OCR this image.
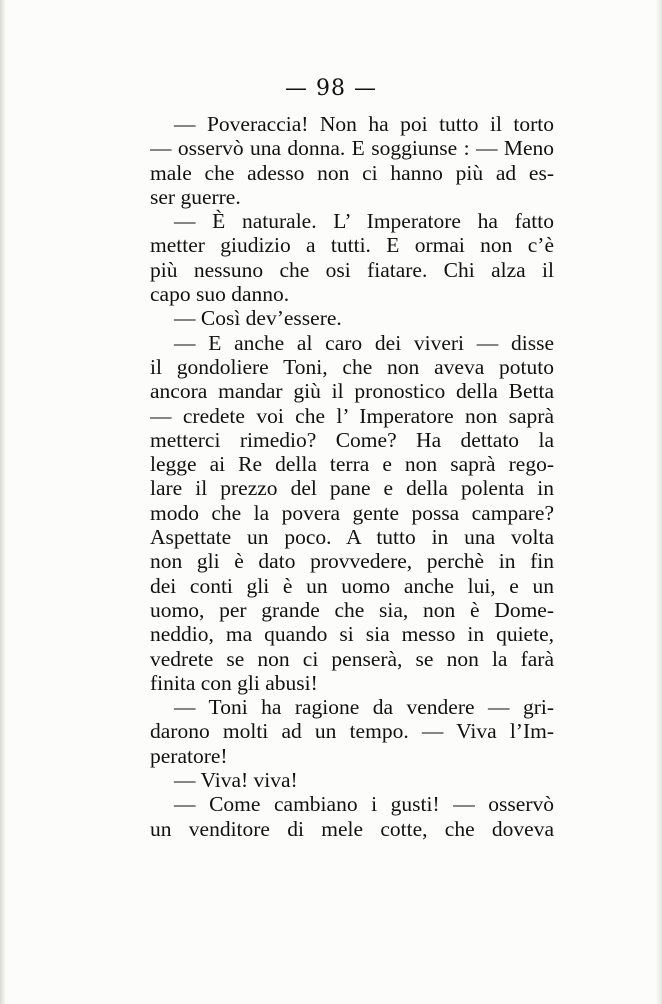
— 98 —
— Poveraccia! Non ha poi tutto il torto
— osservò una donna. E soggiunse : — Meno
male che adesso non ci hanno più ad es-
ser guerre.
— È naturale. L’ Imperatore ha fatto
metter giudizio a tutti. E ormai non c’è
più nessuno che osi fiatare. Chi alza il
capo suo danno.
— Così dev’essere.
— E anche al caro dei viveri — disse
il gondoliere Toni, che non aveva potuto
ancora mandar giù il pronostico della Betta
— credete voi che l’ Imperatore non saprà
metterci rimedio? Come? Ha dettato la
legge ai Re della terra e non saprà rego-
lare il prezzo del pane e della polenta in
modo che la povera gente possa campare?
Aspettate un poco. A tutto in una volta
non gli è dato provvedere, perchè in fin
dei conti gli è un uomo anche lui, e un
uomo, per grande che sia, non è Dome-
neddio, ma quando si sia messo in quiete,
vedrete se non ci penserà, se non la farà
finita con gli abusi!
— Toni ha ragione da vendere — gri-
darono molti ad un tempo. — Viva l’Im-
peratore!
— Viva! viva!
— Come cambiano i gusti! — osservò
un venditore di mele cotte, che doveva
